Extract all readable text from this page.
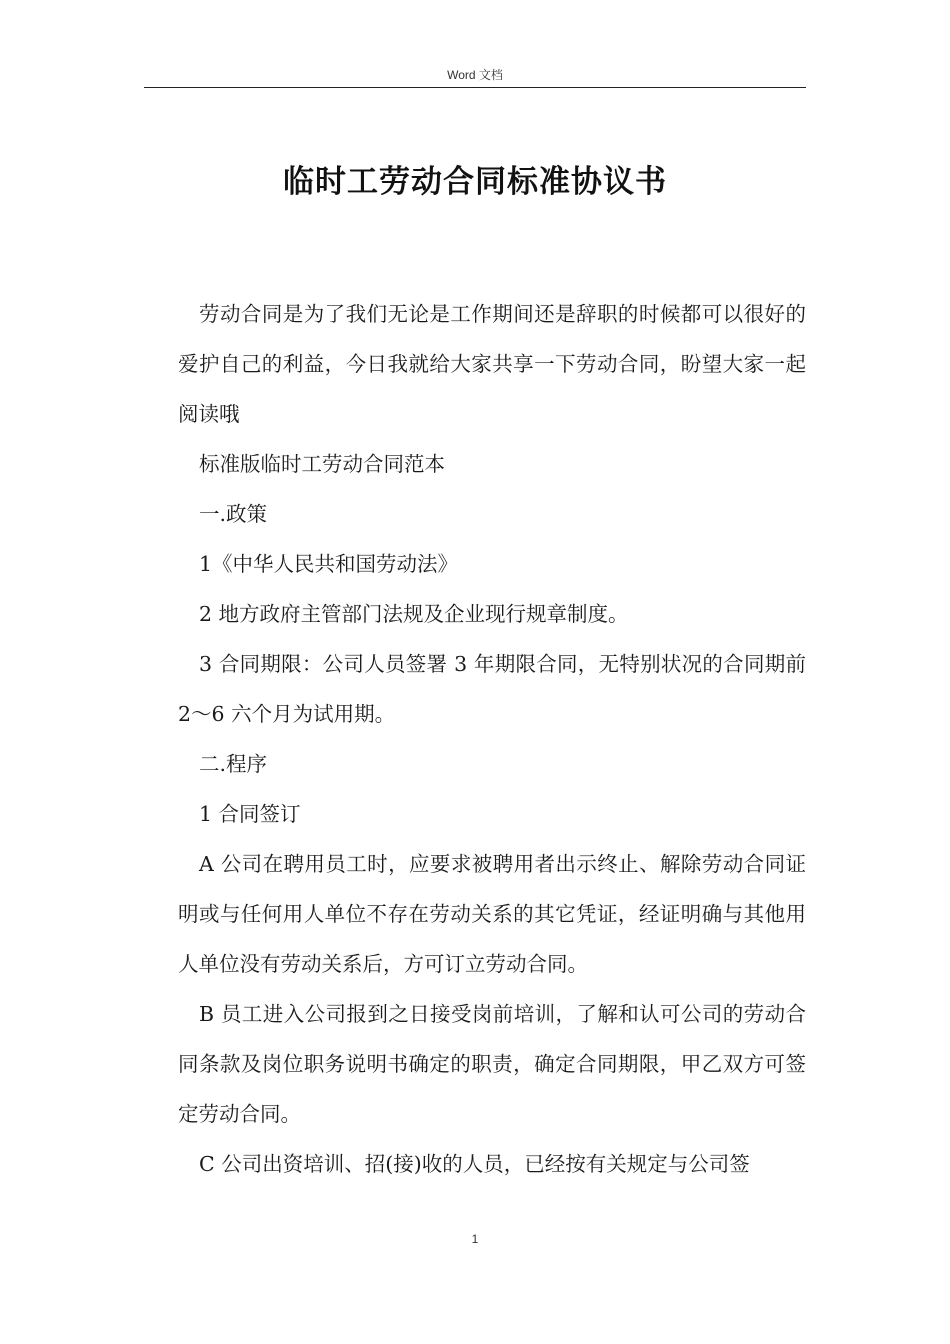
Word 文档
临时工劳动合同标准协议书

劳动合同是为了我们无论是工作期间还是辞职的时候都可以很好的爱护自己的利益，今日我就给大家共享一下劳动合同，盼望大家一起阅读哦

标准版临时工劳动合同范本

一.政策

1《中华人民共和国劳动法》

2 地方政府主管部门法规及企业现行规章制度。

3 合同期限：公司人员签署 3 年期限合同，无特别状况的合同期前 2～6 六个月为试用期。

二.程序

1 合同签订

A 公司在聘用员工时，应要求被聘用者出示终止、解除劳动合同证明或与任何用人单位不存在劳动关系的其它凭证，经证明确与其他用人单位没有劳动关系后，方可订立劳动合同。

B 员工进入公司报到之日接受岗前培训，了解和认可公司的劳动合同条款及岗位职务说明书确定的职责，确定合同期限，甲乙双方可签定劳动合同。

C 公司出资培训、招(接)收的人员，已经按有关规定与公司签

1
